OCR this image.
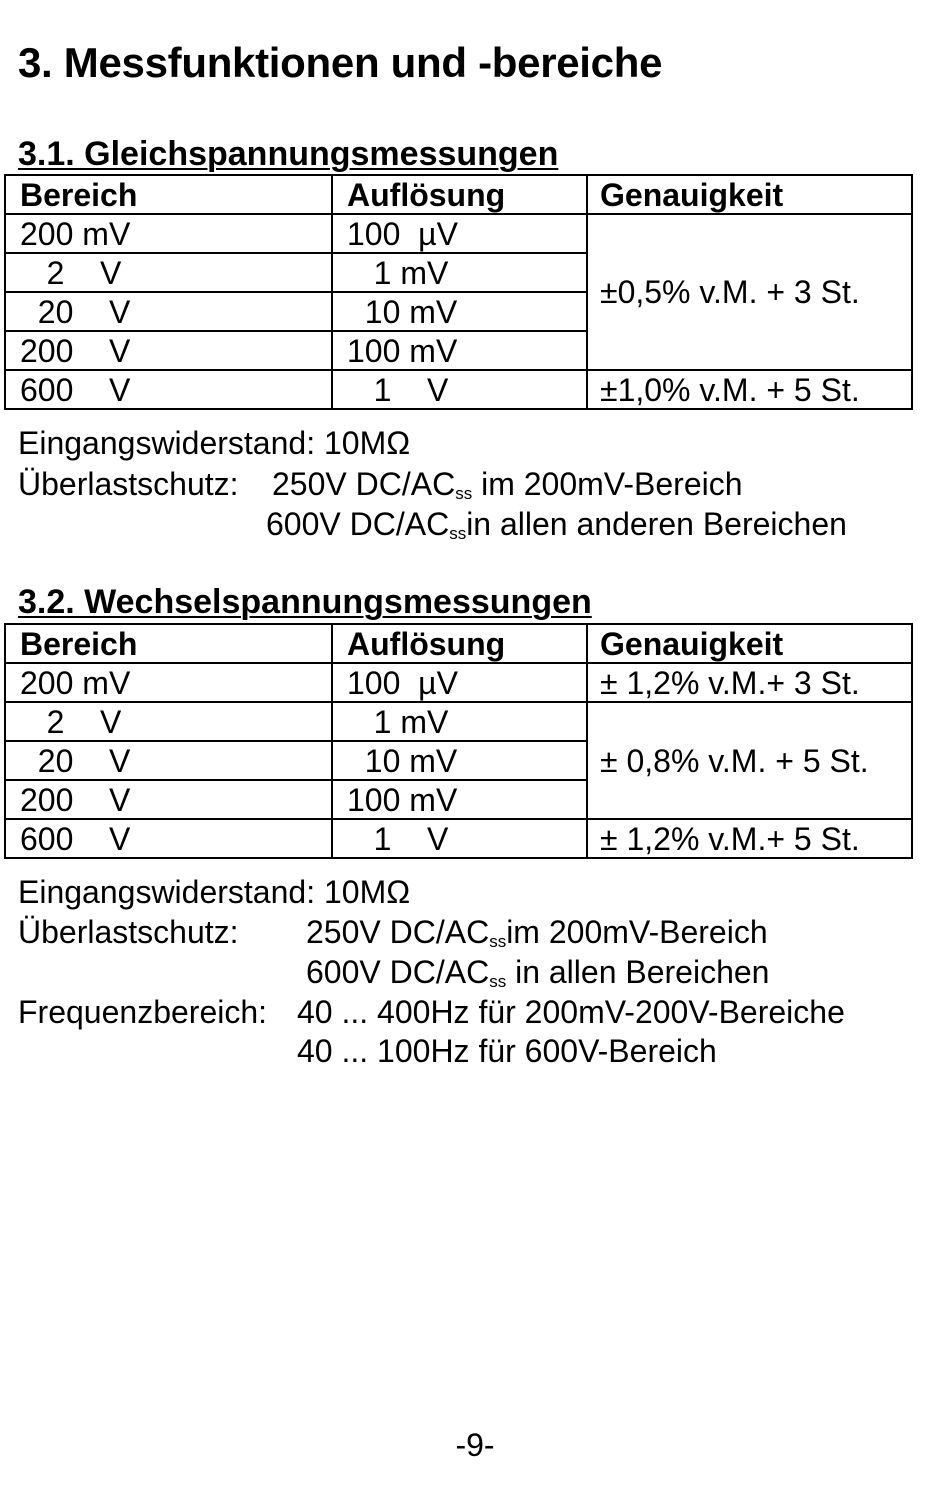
3. Messfunktionen und -bereiche
3.1. Gleichspannungsmessungen
Bereich	Auflösung	Genauigkeit
200 mV	100  µV	±0,5% v.M. + 3 St.
2    V	1 mV	
20    V	10 mV	
200    V	100 mV	
600    V	1    V	±1,0% v.M. + 5 St.

Eingangswiderstand: 10MΩ

Überlastschutz: 250V $DC/AC_{ss}$ im 200mV-Bereich

600V $DC/AC_{ss}in$ allen anderen Bereichen

3.2. Wechselspannungsmessungen
Bereich	Auflösung	Genauigkeit
200 mV	100  µV	± 1,2% v.M.+ 3 St.
2    V	1 mV	± 0,8% v.M. + 5 St.
20    V	10 mV	
200    V	100 mV	
600    V	1    V	± 1,2% v.M.+ 5 St.

Eingangswiderstand: 10MΩ

Überlastschutz: 250V $DC/AC_{ss}im$ 200mV-Bereich

600V $DC/AC_{ss}$ in allen Bereichen

Frequenzbereich: 40 ... 400Hz für 200mV-200V-Bereiche

40 ... 100Hz für 600V-Bereich

-9-
